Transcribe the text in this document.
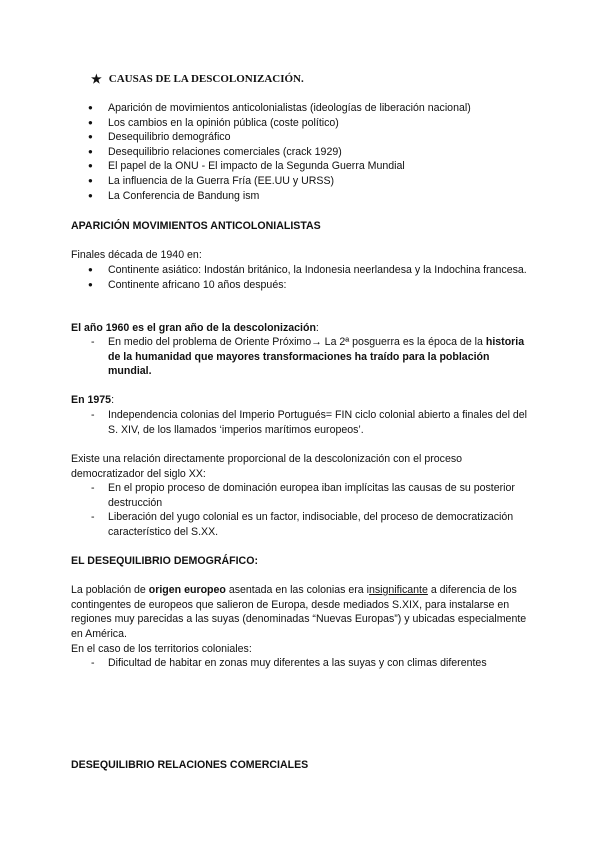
★ CAUSAS DE LA DESCOLONIZACIÓN.
● Aparición de movimientos anticolonialistas (ideologías de liberación nacional)
● Los cambios en la opinión pública (coste político)
● Desequilibrio demográfico
● Desequilibrio relaciones comerciales (crack 1929)
● El papel de la ONU - El impacto de la Segunda Guerra Mundial
● La influencia de la Guerra Fría (EE.UU y URSS)
● La Conferencia de Bandung ism

APARICIÓN MOVIMIENTOS ANTICOLONIALISTAS

Finales década de 1940 en:

● Continente asiático: Indostán británico, la Indonesia neerlandesa y la Indochina francesa.
● Continente africano 10 años después:

El año 1960 es el gran año de la descolonización:

- En medio del problema de Oriente Próximo→ La 2ª posguerra es la época de la historia de la humanidad que mayores transformaciones ha traído para la población mundial.

En 1975:

- Independencia colonias del Imperio Portugués= FIN ciclo colonial abierto a finales del del S. XIV, de los llamados ‘imperios marítimos europeos’.

Existe una relación directamente proporcional de la descolonización con el proceso democratizador del siglo XX:

- En el propio proceso de dominación europea iban implícitas las causas de su posterior destrucción
- Liberación del yugo colonial es un factor, indisociable, del proceso de democratización característico del S.XX.

EL DESEQUILIBRIO DEMOGRÁFICO:

La población de origen europeo asentada en las colonias era insignificante a diferencia de los contingentes de europeos que salieron de Europa, desde mediados S.XIX, para instalarse en regiones muy parecidas a las suyas (denominadas “Nuevas Europas”) y ubicadas especialmente en América.

En el caso de los territorios coloniales:

- Dificultad de habitar en zonas muy diferentes a las suyas y con climas diferentes

DESEQUILIBRIO RELACIONES COMERCIALES
